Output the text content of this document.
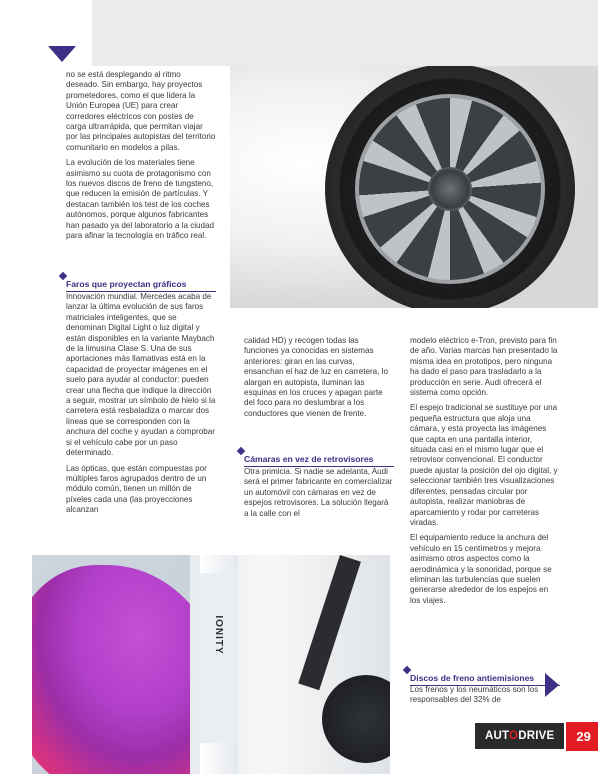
no se está desplegando al ritmo deseado. Sin embargo, hay proyectos prometedores, como el que lidera la Unión Europea (UE) para crear corredores eléctricos con postes de carga ultrarrápida, que permitan viajar por las principales autopistas del territorio comunitario en modelos a pilas.

La evolución de los materiales tiene asimismo su cuota de protagonismo con los nuevos discos de freno de tungsteno, que reducen la emisión de partículas. Y destacan también los test de los coches autónomos, porque algunos fabricantes han pasado ya del laboratorio a la ciudad para afinar la tecnología en tráfico real.

Faros que proyectan gráficos

Innovación mundial. Mercedes acaba de lanzar la última evolución de sus faros matriciales inteligentes, que se denominan Digital Light o luz digital y están disponibles en la variante Maybach de la limusina Clase S. Una de sus aportaciones más llamativas está en la capacidad de proyectar imágenes en el suelo para ayudar al conductor: pueden crear una flecha que indique la dirección a seguir, mostrar un símbolo de hielo si la carretera está resbaladiza o marcar dos líneas que se corresponden con la anchura del coche y ayudan a comprobar si el vehículo cabe por un paso determinado.

Las ópticas, que están compuestas por múltiples faros agrupados dentro de un módulo común, tienen un millón de píxeles cada una (las proyecciones alcanzan

calidad HD) y recogen todas las funciones ya conocidas en sistemas anteriores: giran en las curvas, ensanchan el haz de luz en carretera, lo alargan en autopista, iluminan las esquinas en los cruces y apagan parte del foco para no deslumbrar a los conductores que vienen de frente.

Cámaras en vez de retrovisores

Otra primicia. Si nadie se adelanta, Audi será el primer fabricante en comercializar un automóvil con cámaras en vez de espejos retrovisores. La solución llegará a la calle con el

modelo eléctrico e-Tron, previsto para fin de año. Varias marcas han presentado la misma idea en prototipos, pero ninguna ha dado el paso para trasladarlo a la producción en serie. Audi ofrecerá el sistema como opción.

El espejo tradicional se sustituye por una pequeña estructura que aloja una cámara, y esta proyecta las imágenes que capta en una pantalla interior, situada casi en el mismo lugar que el retrovisor convencional. El conductor puede ajustar la posición del ojo digital, y seleccionar también tres visualizaciones diferentes, pensadas circular por autopista, realizar maniobras de aparcamiento y rodar por carreteras viradas.

El equipamiento reduce la anchura del vehículo en 15 centímetros y mejora asimismo otros aspectos como la aerodinámica y la sonoridad, porque se eliminan las turbulencias que suelen generarse alrededor de los espejos en los viajes.

Discos de freno antiemisiones

Los frenos y los neumáticos son los responsables del 32% de

IONITY
AUTODRIVE	29
